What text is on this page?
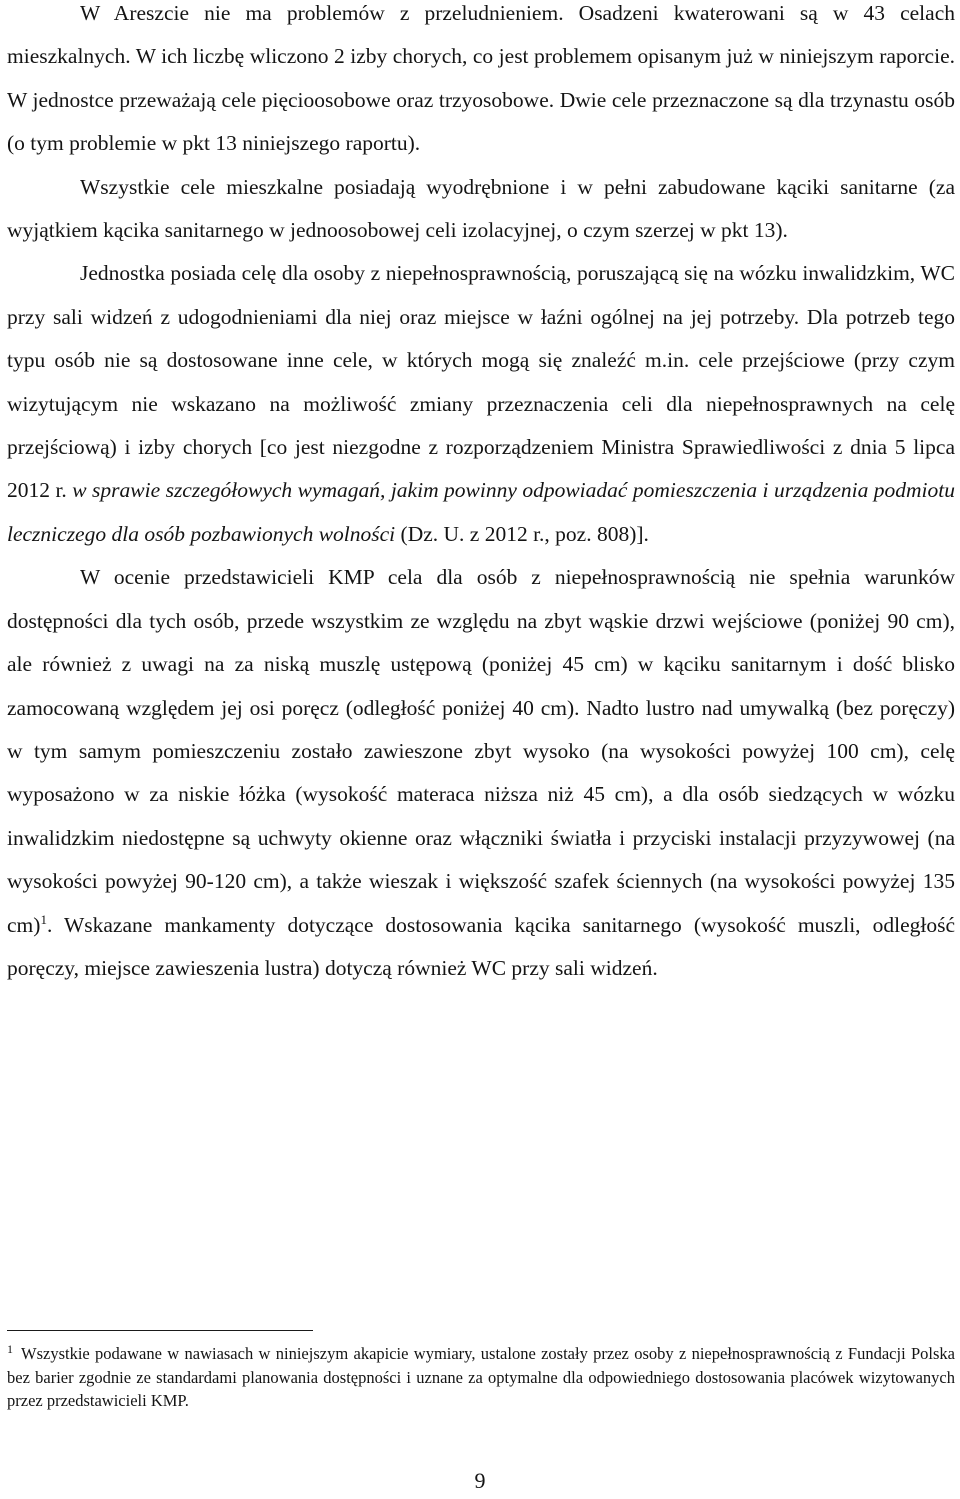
W Areszcie nie ma problemów z przeludnieniem. Osadzeni kwaterowani są w 43 celach mieszkalnych. W ich liczbę wliczono 2 izby chorych, co jest problemem opisanym już w niniejszym raporcie. W jednostce przeważają cele pięcioosobowe oraz trzyosobowe. Dwie cele przeznaczone są dla trzynastu osób (o tym problemie w pkt 13 niniejszego raportu).

Wszystkie cele mieszkalne posiadają wyodrębnione i w pełni zabudowane kąciki sanitarne (za wyjątkiem kącika sanitarnego w jednoosobowej celi izolacyjnej, o czym szerzej w pkt 13).

Jednostka posiada celę dla osoby z niepełnosprawnością, poruszającą się na wózku inwalidzkim, WC przy sali widzeń z udogodnieniami dla niej oraz miejsce w łaźni ogólnej na jej potrzeby. Dla potrzeb tego typu osób nie są dostosowane inne cele, w których mogą się znaleźć m.in. cele przejściowe (przy czym wizytującym nie wskazano na możliwość zmiany przeznaczenia celi dla niepełnosprawnych na celę przejściową) i izby chorych [co jest niezgodne z rozporządzeniem Ministra Sprawiedliwości z dnia 5 lipca 2012 r. w sprawie szczegółowych wymagań, jakim powinny odpowiadać pomieszczenia i urządzenia podmiotu leczniczego dla osób pozbawionych wolności (Dz. U. z 2012 r., poz. 808)].

W ocenie przedstawicieli KMP cela dla osób z niepełnosprawnością nie spełnia warunków dostępności dla tych osób, przede wszystkim ze względu na zbyt wąskie drzwi wejściowe (poniżej 90 cm), ale również z uwagi na za niską muszlę ustępową (poniżej 45 cm) w kąciku sanitarnym i dość blisko zamocowaną względem jej osi poręcz (odległość poniżej 40 cm). Nadto lustro nad umywalką (bez poręczy) w tym samym pomieszczeniu zostało zawieszone zbyt wysoko (na wysokości powyżej 100 cm), celę wyposażono w za niskie łóżka (wysokość materaca niższa niż 45 cm), a dla osób siedzących w wózku inwalidzkim niedostępne są uchwyty okienne oraz włączniki światła i przyciski instalacji przyzywowej (na wysokości powyżej 90-120 cm), a także wieszak i większość szafek ściennych (na wysokości powyżej 135 cm)$^1$. Wskazane mankamenty dotyczące dostosowania kącika sanitarnego (wysokość muszli, odległość poręczy, miejsce zawieszenia lustra) dotyczą również WC przy sali widzeń.

$^1$ Wszystkie podawane w nawiasach w niniejszym akapicie wymiary, ustalone zostały przez osoby z niepełnosprawnością z Fundacji Polska bez barier zgodnie ze standardami planowania dostępności i uznane za optymalne dla odpowiedniego dostosowania placówek wizytowanych przez przedstawicieli KMP.

9
